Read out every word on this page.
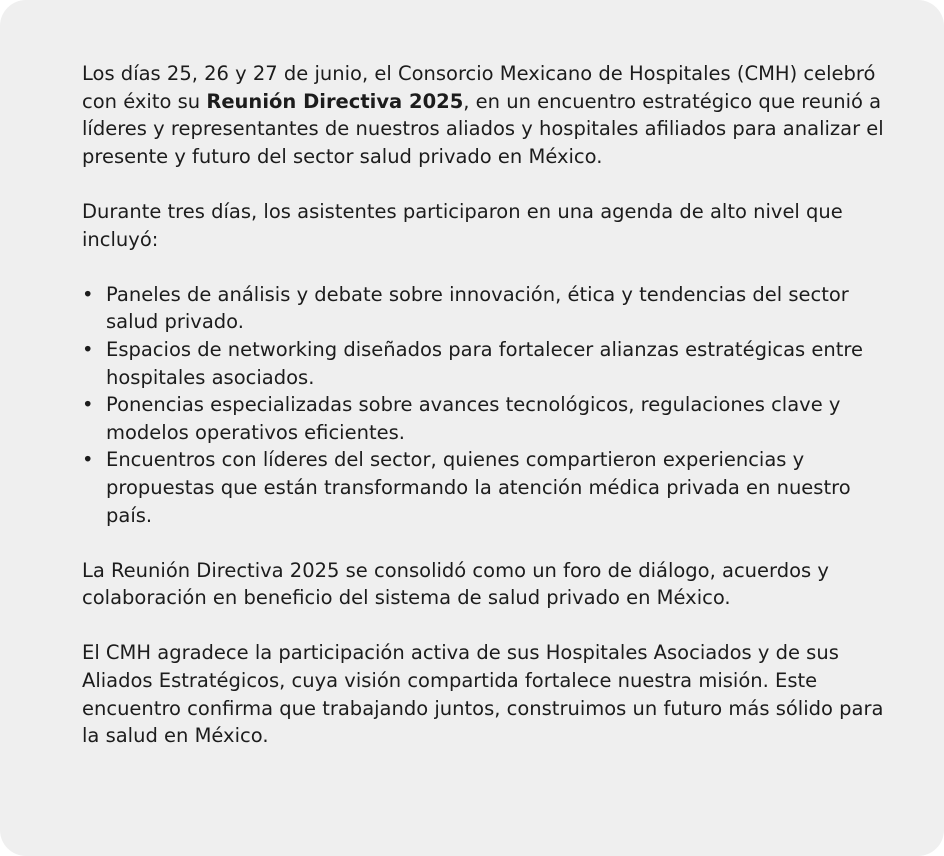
Los días 25, 26 y 27 de junio, el Consorcio Mexicano de Hospitales (CMH) celebró con éxito su Reunión Directiva 2025, en un encuentro estratégico que reunió a líderes y representantes de nuestros aliados y hospitales afiliados para analizar el presente y futuro del sector salud privado en México.

Durante tres días, los asistentes participaron en una agenda de alto nivel que incluyó:

• Paneles de análisis y debate sobre innovación, ética y tendencias del sector salud privado.
• Espacios de networking diseñados para fortalecer alianzas estratégicas entre hospitales asociados.
• Ponencias especializadas sobre avances tecnológicos, regulaciones clave y modelos operativos eficientes.
• Encuentros con líderes del sector, quienes compartieron experiencias y propuestas que están transformando la atención médica privada en nuestro país.

La Reunión Directiva 2025 se consolidó como un foro de diálogo, acuerdos y colaboración en beneficio del sistema de salud privado en México.

El CMH agradece la participación activa de sus Hospitales Asociados y de sus Aliados Estratégicos, cuya visión compartida fortalece nuestra misión. Este encuentro confirma que trabajando juntos, construimos un futuro más sólido para la salud en México.
